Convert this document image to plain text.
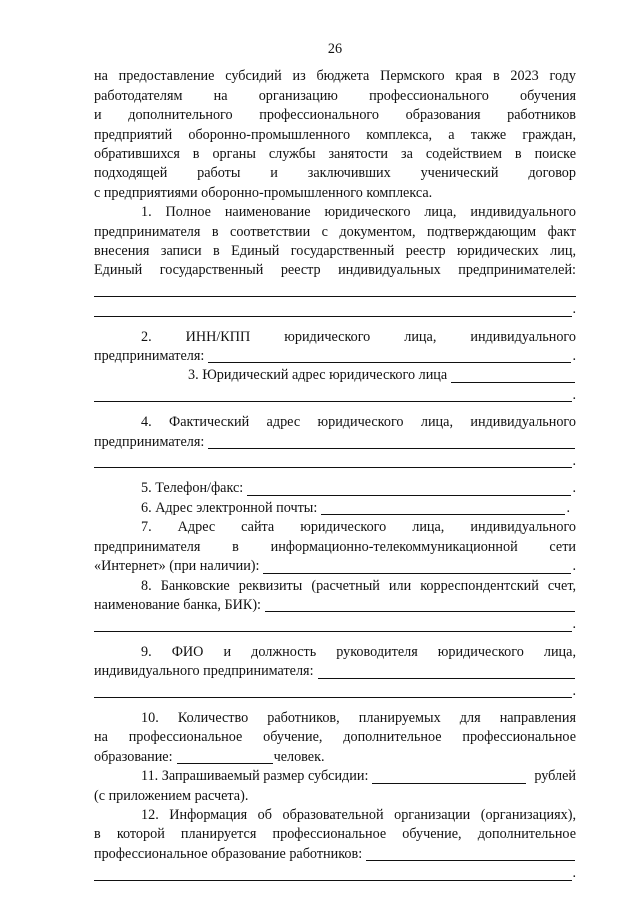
26
на предоставление субсидий из бюджета Пермского края в 2023 году
работодателям на организацию профессионального обучения
и дополнительного профессионального образования работников
предприятий оборонно-промышленного комплекса, а также граждан,
обратившихся в органы службы занятости за содействием в поиске
подходящей работы и заключивших ученический договор
с предприятиями оборонно-промышленного комплекса.
1. Полное наименование юридического лица, индивидуального
предпринимателя в соответствии с документом, подтверждающим факт
внесения записи в Единый государственный реестр юридических лиц,
Единый государственный реестр индивидуальных предпринимателей:
.
2. ИНН/КПП юридического лица, индивидуального
предпринимателя:	.
3. Юридический адрес юридического лица
.
4. Фактический адрес юридического лица, индивидуального
предпринимателя:
.
5. Телефон/факс:	.
6. Адрес электронной почты:	.
7. Адрес сайта юридического лица, индивидуального
предпринимателя в информационно-телекоммуникационной сети
«Интернет» (при наличии):	.
8. Банковские реквизиты (расчетный или корреспондентский счет,
наименование банка, БИК):
.
9. ФИО и должность руководителя юридического лица,
индивидуального предпринимателя:
.
10. Количество работников, планируемых для направления
на профессиональное обучение, дополнительное профессиональное
образование:	человек.
11. Запрашиваемый размер субсидии:	рублей
(с приложением расчета).
12. Информация об образовательной организации (организациях),
в которой планируется профессиональное обучение, дополнительное
профессиональное образование работников:
.
